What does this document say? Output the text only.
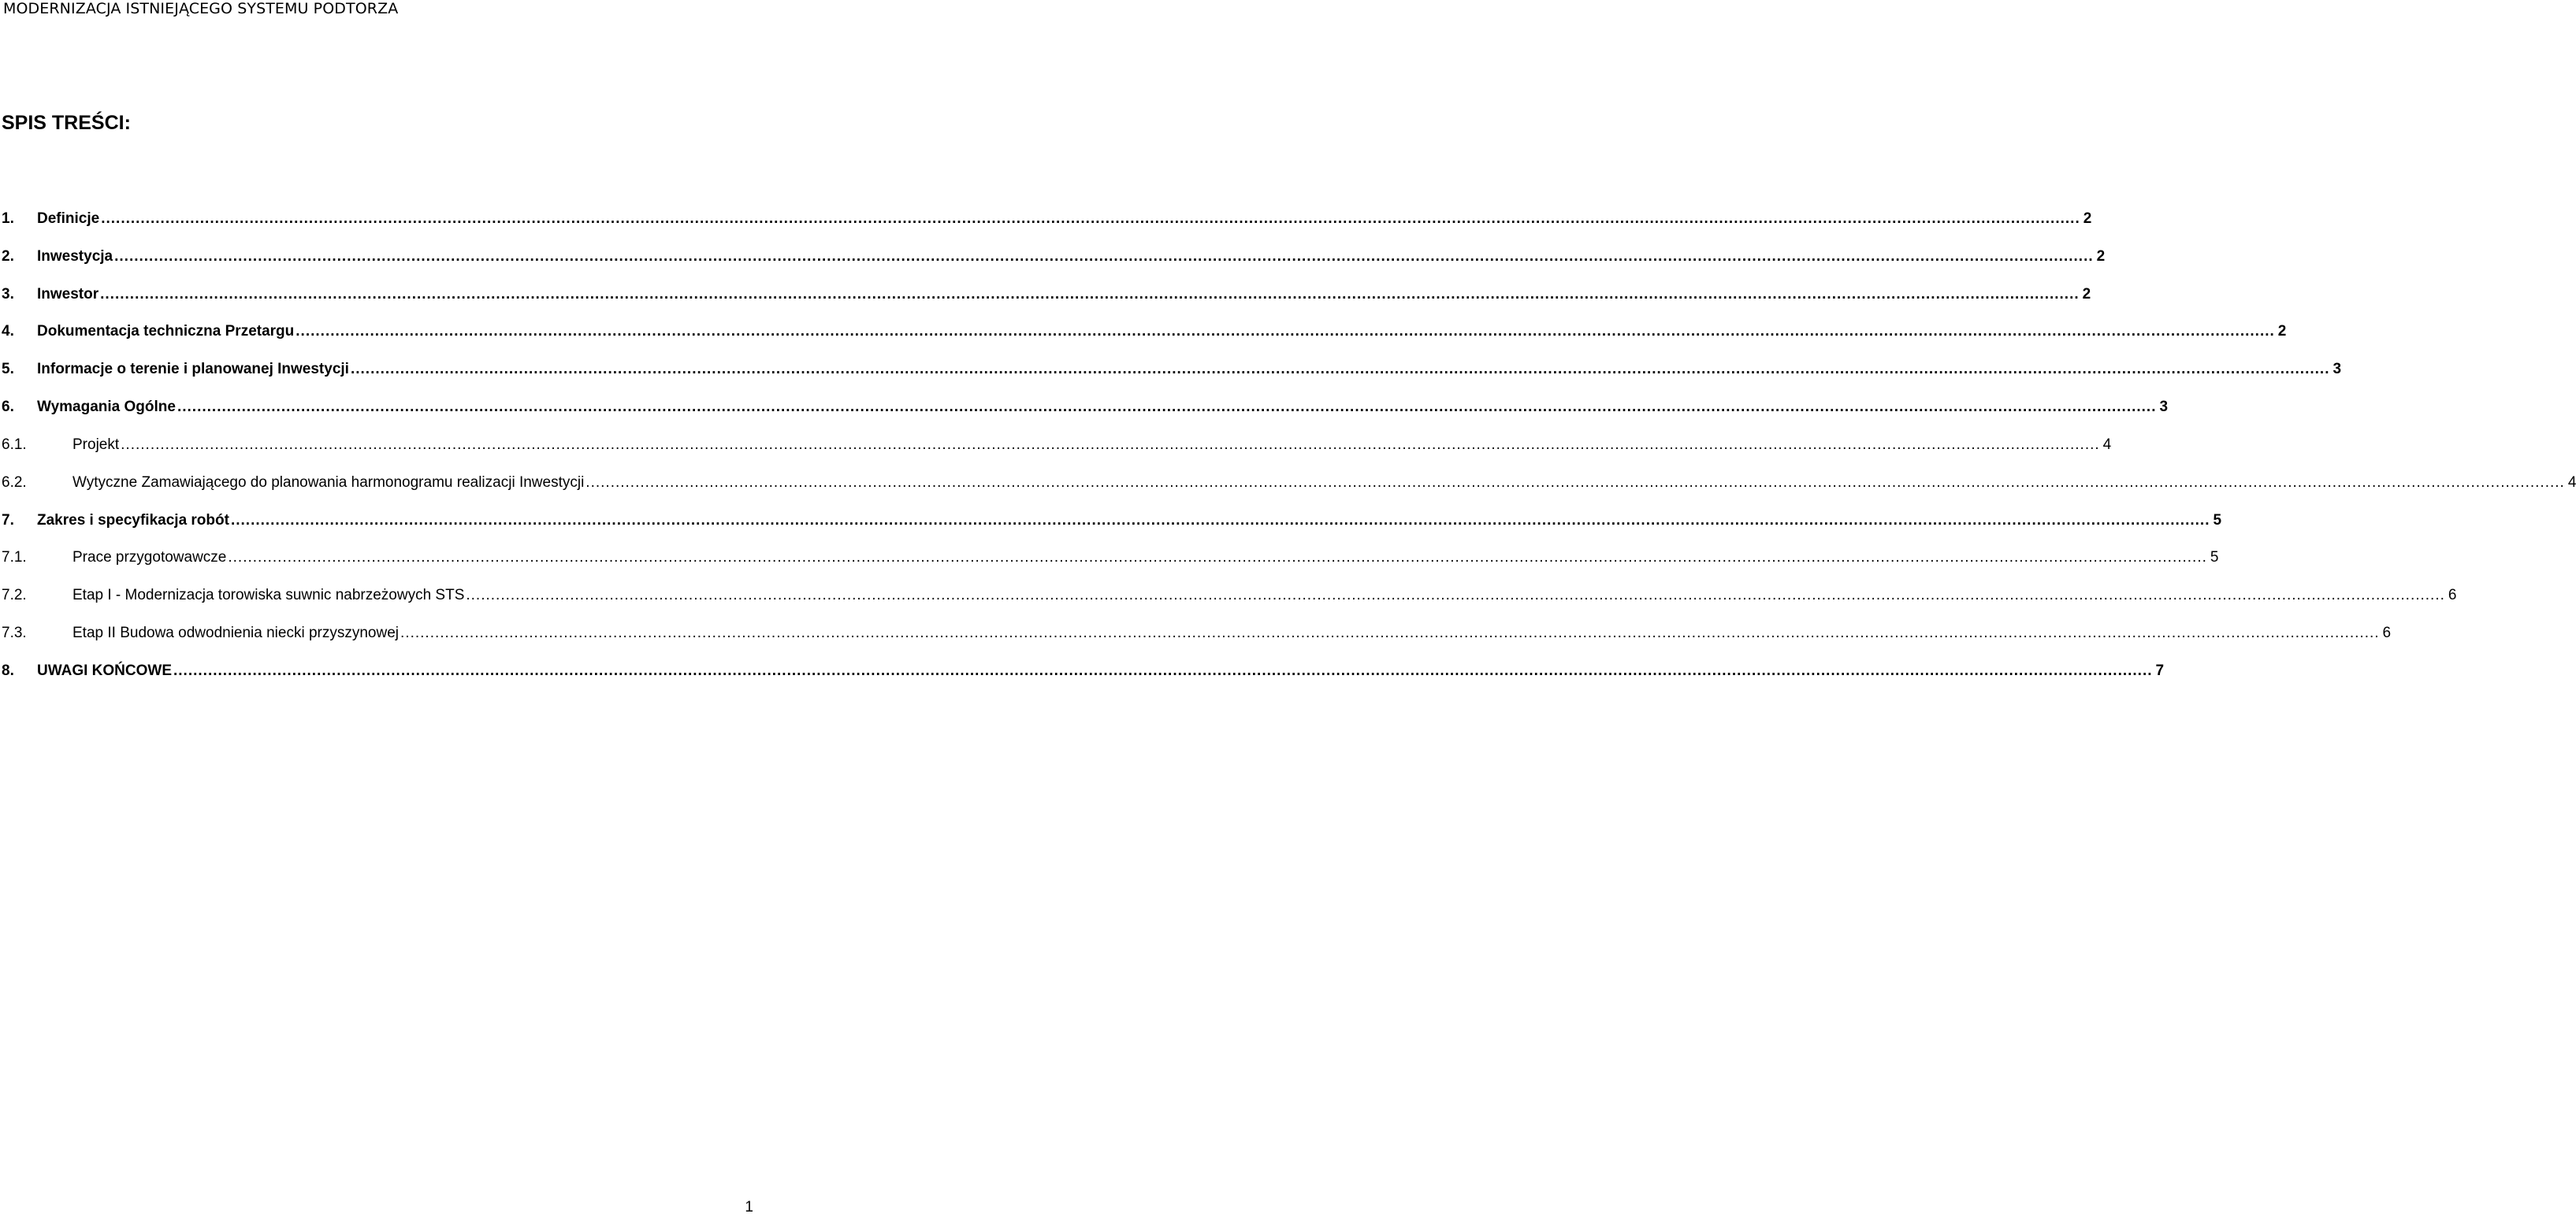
MODERNIZACJA ISTNIEJĄCEGO SYSTEMU PODTORZA
SPIS TREŚCI:
1. Definicje ................................................................................................................................................................................................................................................................................................................................................................................................................ 2
2. Inwestycja ................................................................................................................................................................................................................................................................................................................................................................................................................ 2
3. Inwestor ................................................................................................................................................................................................................................................................................................................................................................................................................ 2
4. Dokumentacja techniczna Przetargu ................................................................................................................................................................................................................................................................................................................................................................................................................ 2
5. Informacje o terenie i planowanej Inwestycji ................................................................................................................................................................................................................................................................................................................................................................................................................ 3
6. Wymagania Ogólne ................................................................................................................................................................................................................................................................................................................................................................................................................ 3
6.1.	Projekt ................................................................................................................................................................................................................................................................................................................................................................................................................ 4
6.2.	Wytyczne Zamawiającego do planowania harmonogramu realizacji Inwestycji ................................................................................................................................................................................................................................................................................................................................................................................................................ 4
7. Zakres i specyfikacja robót ................................................................................................................................................................................................................................................................................................................................................................................................................ 5
7.1.	Prace przygotowawcze ................................................................................................................................................................................................................................................................................................................................................................................................................ 5
7.2.	Etap I - Modernizacja torowiska suwnic nabrzeżowych STS ................................................................................................................................................................................................................................................................................................................................................................................................................ 6
7.3.	Etap II Budowa odwodnienia niecki przyszynowej ................................................................................................................................................................................................................................................................................................................................................................................................................ 6
8. UWAGI KOŃCOWE ................................................................................................................................................................................................................................................................................................................................................................................................................ 7
1
